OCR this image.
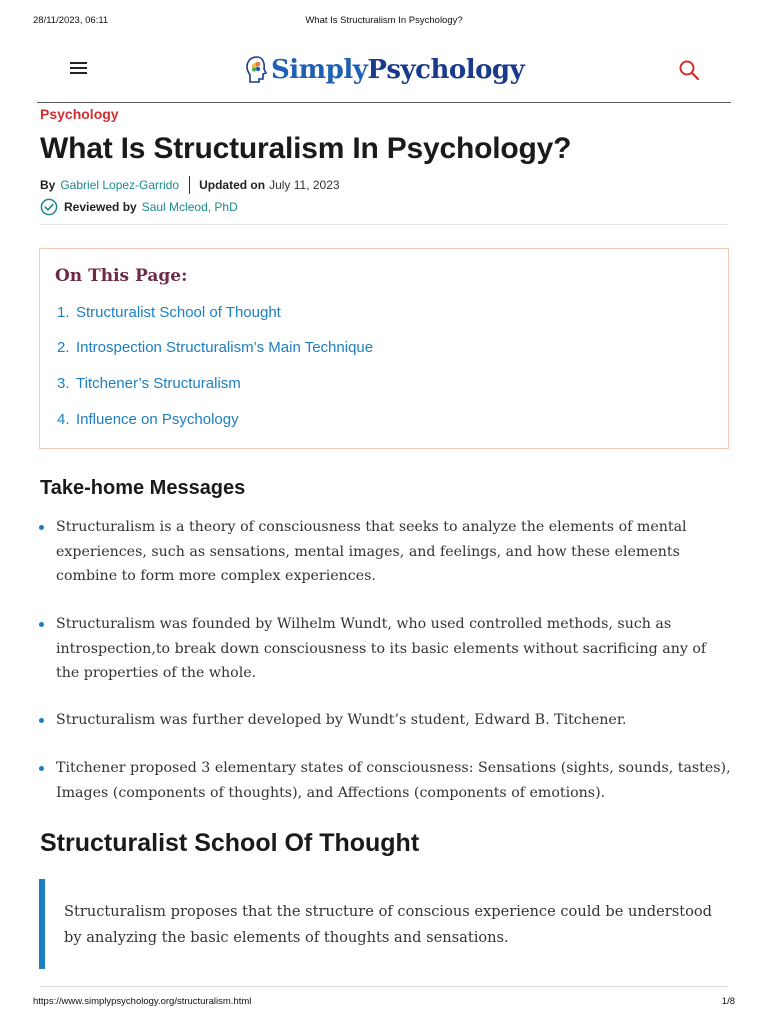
28/11/2023, 06:11	What Is Structuralism In Psychology?
SimplyPsychology
Psychology
What Is Structuralism In Psychology?
By Gabriel Lopez-Garrido Updated on July 11, 2023
Reviewed by Saul Mcleod, PhD
On This Page:
1. Structuralist School of Thought
2. Introspection Structuralism’s Main Technique
3. Titchener’s Structuralism
4. Influence on Psychology
Take-home Messages
Structuralism is a theory of consciousness that seeks to analyze the elements of mental experiences, such as sensations, mental images, and feelings, and how these elements combine to form more complex experiences.
Structuralism was founded by Wilhelm Wundt, who used controlled methods, such as introspection,to break down consciousness to its basic elements without sacrificing any of the properties of the whole.
Structuralism was further developed by Wundt’s student, Edward B. Titchener.
Titchener proposed 3 elementary states of consciousness: Sensations (sights, sounds, tastes), Images (components of thoughts), and Affections (components of emotions).
Structuralist School Of Thought

Structuralism proposes that the structure of conscious experience could be understood by analyzing the basic elements of thoughts and sensations.

https://www.simplypsychology.org/structuralism.html	1/8
